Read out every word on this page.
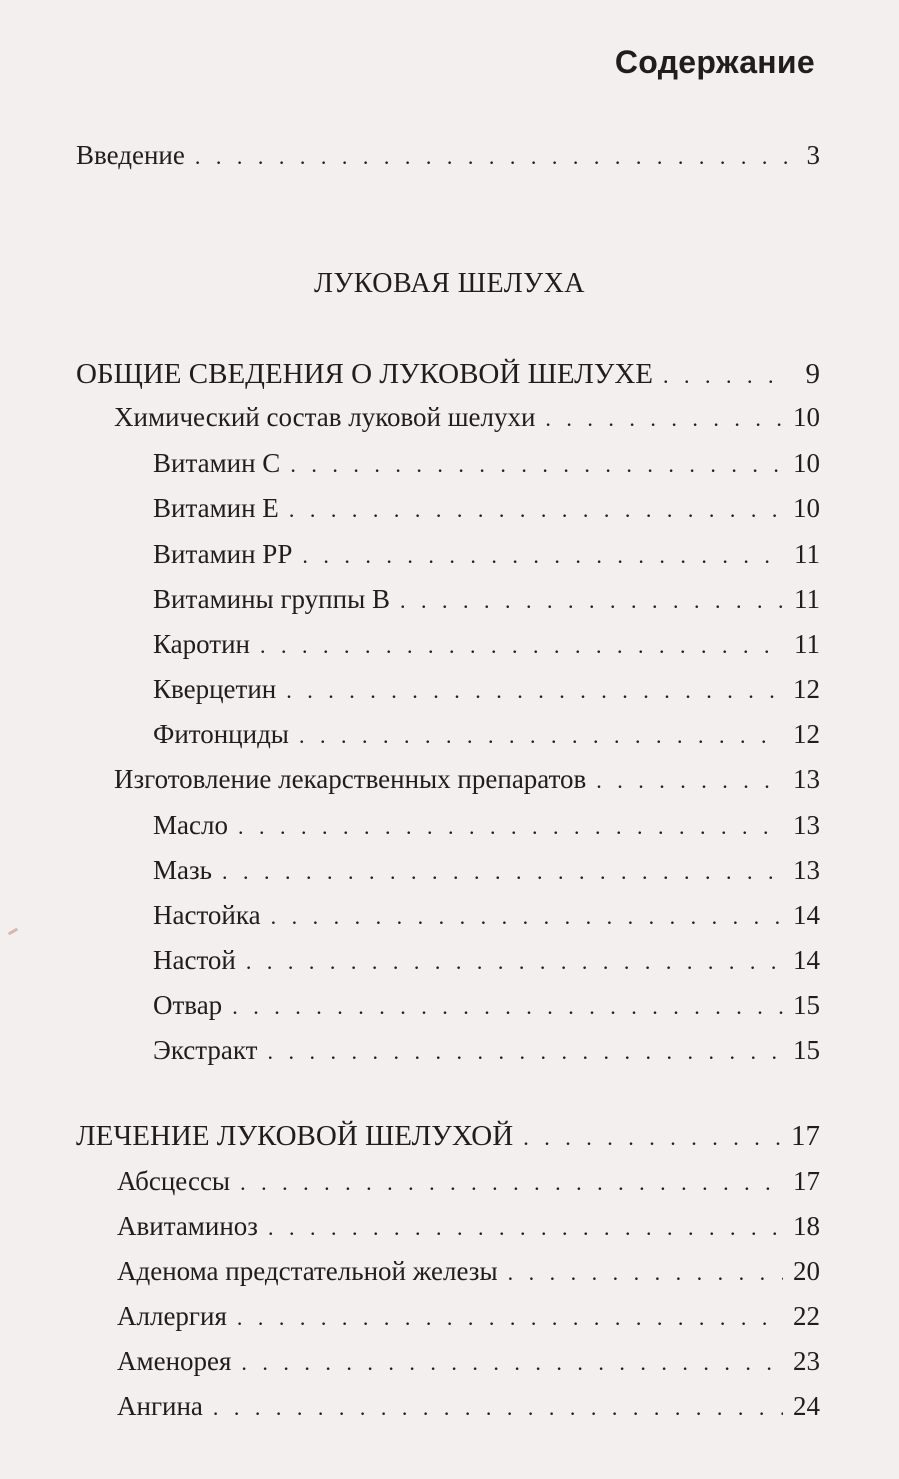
Содержание
Введение . . .	3
ЛУКОВАЯ ШЕЛУХА
ОБЩИЕ СВЕДЕНИЯ О ЛУКОВОЙ ШЕЛУХЕ . . .	9
Химический состав луковой шелухи . . .	10
Витамин С . . .	10
Витамин Е . . .	10
Витамин РР . . .	11
Витамины группы В . . .	11
Каротин . . .	11
Кверцетин . . .	12
Фитонциды . . .	12
Изготовление лекарственных препаратов . . .	13
Масло . . .	13
Мазь . . .	13
Настойка . . .	14
Настой . . .	14
Отвар . . .	15
Экстракт . . .	15
ЛЕЧЕНИЕ ЛУКОВОЙ ШЕЛУХОЙ . . .	17
Абсцессы . . .	17
Авитаминоз . . .	18
Аденома предстательной железы . . .	20
Аллергия . . .	22
Аменорея . . .	23
Ангина . . .	24
